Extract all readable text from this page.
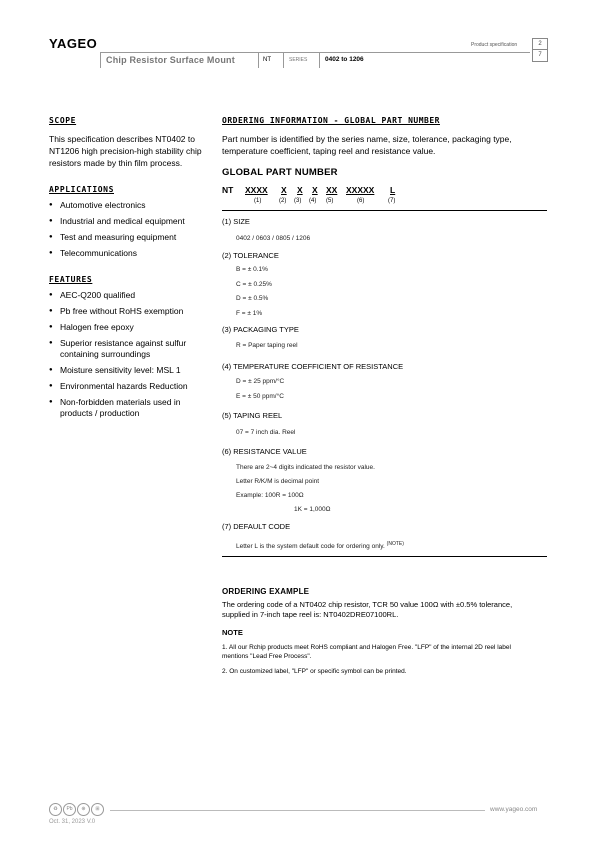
YAGEO	Product specification	2
7
Chip Resistor Surface Mount	NT	SERIES	0402 to 1206
SCOPE
This specification describes NT0402 to NT1206 high precision-high stability chip resistors made by thin film process.
APPLICATIONS
● Automotive electronics
● Industrial and medical equipment
● Test and measuring equipment
● Telecommunications
FEATURES
● AEC-Q200 qualified
● Pb free without RoHS exemption
● Halogen free epoxy
● Superior resistance against sulfur containing surroundings
● Moisture sensitivity level: MSL 1
● Environmental hazards Reduction
● Non-forbidden materials used in products / production
ORDERING INFORMATION - GLOBAL PART NUMBER
Part number is identified by the series name, size, tolerance, packaging type, temperature coefficient, taping reel and resistance value.
GLOBAL PART NUMBER
NT XXXX X X X XX XXXXX L
(1)	(2) (3) (4) (5)	(6)	(7)
(1) SIZE
0402 / 0603 / 0805 / 1206
(2) TOLERANCE
B = ± 0.1%
C = ± 0.25%
D = ± 0.5%
F = ± 1%
(3) PACKAGING TYPE
R = Paper taping reel
(4) TEMPERATURE COEFFICIENT OF RESISTANCE
D = ± 25 ppm/°C
E = ± 50 ppm/°C
(5) TAPING REEL
07 = 7 inch dia. Reel
(6) RESISTANCE VALUE
There are 2~4 digits indicated the resistor value.
Letter R/K/M is decimal point
Example: 100R = 100Ω
1K = 1,000Ω
(7) DEFAULT CODE
Letter L is the system default code for ordering only. $^{(NOTE)}$
ORDERING EXAMPLE
The ordering code of a NT0402 chip resistor, TCR 50 value 100Ω with ±0.5% tolerance, supplied in 7-inch tape reel is: NT0402DRE07100RL.
NOTE
1. All our Rchip products meet RoHS compliant and Halogen Free. "LFP" of the internal 2D reel label mentions "Lead Free Process".
2. On customized label, "LFP" or specific symbol can be printed.
♻	Pb	⊕	⊞	www.yageo.com
Oct. 31, 2023 V.0
